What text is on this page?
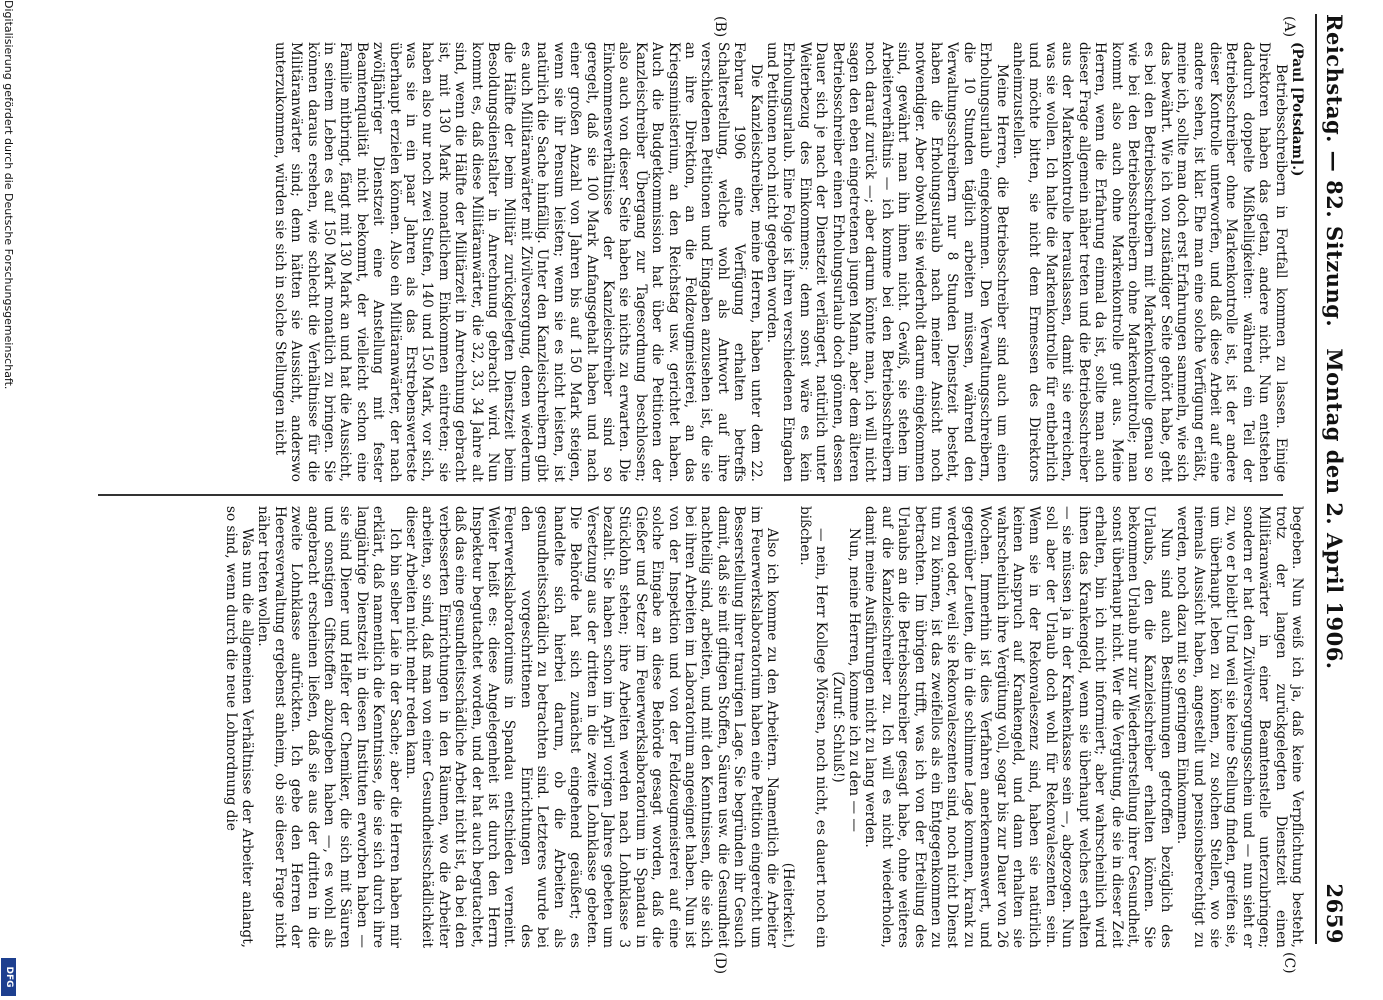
Reichstag. — 82. Sitzung.
Montag den 2. April 1906.
2659
(A)
(B)
(C)
(D)

(Paul [Potsdam].)

Betriebsschreibern in Fortfall kommen zu lassen. Einige Direktoren haben das getan, andere nicht. Nun entstehen dadurch doppelte Mißhelligkeiten: während ein Teil der Betriebsschreiber ohne Markenkontrolle ist, ist der andere dieser Kontrolle unterworfen, und daß diese Arbeit auf eine andere sehen, ist klar. Ehe man eine solche Verfügung erläßt, meine ich, sollte man doch erst Erfahrungen sammeln, wie sich das bewährt. Wie ich von zuständiger Seite gehört habe, geht es bei den Betriebsschreibern mit Markenkontrolle genau so wie bei den Betriebsschreibern ohne Markenkontrolle; man kommt also auch ohne Markenkontrolle gut aus. Meine Herren, wenn die Erfahrung einmal da ist, sollte man auch dieser Frage allgemein näher treten und die Betriebsschreiber aus der Markenkontrolle herauslassen, damit sie erreichen, was sie wollen. Ich halte die Markenkontrolle für entbehrlich und möchte bitten, sie nicht dem Ermessen des Direktors anheimzustellen.

Meine Herren, die Betriebsschreiber sind auch um einen Erholungsurlaub eingekommen. Den Verwaltungsschreibern, die 10 Stunden täglich arbeiten müssen, während den Verwaltungsschreibern nur 8 Stunden Dienstzeit besteht, haben die Erholungsurlaub nach meiner Ansicht noch notwendiger. Aber obwohl sie wiederholt darum eingekommen sind, gewährt man ihn ihnen nicht. Gewiß, sie stehen im Arbeiterverhältnis — ich komme bei den Betriebsschreibern noch darauf zurück —; aber darum könnte man, ich will nicht sagen den eben eingetretenen jungen Mann, aber dem älteren Betriebsschreiber einen Erholungsurlaub doch gönnen, dessen Dauer sich je nach der Dienstzeit verlängert, natürlich unter Weiterbezug des Einkommens; denn sonst wäre es kein Erholungsurlaub. Eine Folge ist ihren verschiedenen Eingaben und Petitionen noch nicht gegeben worden.

Die Kanzleischreiber, meine Herren, haben unter dem 22. Februar 1906 eine Verfügung erhalten betreffs Schalterstellung, welche wohl als Antwort auf ihre verschiedenen Petitionen und Eingaben anzusehen ist, die sie an ihre Direktion, an die Feldzeugmeisterei, an das Kriegsministerium, an den Reichstag usw. gerichtet haben. Auch die Budgetkommission hat über die Petitionen der Kanzleischreiber Übergang zur Tagesordnung beschlossen; also auch von dieser Seite haben sie nichts zu erwarten. Die Einkommensverhältnisse der Kanzleischreiber sind so geregelt, daß sie 100 Mark Anfangsgehalt haben und nach einer großen Anzahl von Jahren bis auf 150 Mark steigen, wenn sie ihr Pensum leisten; wenn sie es nicht leisten, ist natürlich die Sache hinfällig. Unter den Kanzleischreibern gibt es auch Militäranwärter mit Zivilversorgung, denen wiederum die Hälfte der beim Militär zurückgelegten Dienstzeit beim Besoldungsdienstalter in Anrechnung gebracht wird. Nun kommt es, daß diese Militäranwärter, die 32, 33, 34 Jahre alt sind, wenn die Hälfte der Militärzeit in Anrechnung gebracht ist, mit 130 Mark monatlichem Einkommen eintreten; sie haben also nur noch zwei Stufen, 140 und 150 Mark, vor sich, was sie in ein paar Jahren als das Erstrebenswerteste überhaupt erzielen können. Also ein Militäranwärter, der nach zwölfjähriger Dienstzeit eine Anstellung mit fester Beamtenqualität nicht bekommt, der vielleicht schon eine Familie mitbringt, fängt mit 130 Mark an und hat die Aussicht, in seinem Leben es auf 150 Mark monatlich zu bringen. Sie können daraus ersehen, wie schlecht die Verhältnisse für die Militäranwärter sind; denn hätten sie Aussicht, anderswo unterzukommen, würden sie sich in solche Stellungen nicht

begeben. Nun weiß ich ja, daß keine Verpflichtung besteht, trotz der langen zurückgelegten Dienstzeit einen Militäranwärter in einer Beamtenstelle unterzubringen; sondern er hat den Zivilversorgungsschein und — nun sieht er zu, wo er bleibt! Und weil sie keine Stellung finden, greifen sie, um überhaupt leben zu können, zu solchen Stellen, wo sie niemals Aussicht haben, angestellt und pensionsberechtigt zu werden, noch dazu mit so geringem Einkommen.

Nun sind auch Bestimmungen getroffen bezüglich des Urlaubs, den die Kanzleischreiber erhalten können. Sie bekommen Urlaub nur zur Wiederherstellung ihrer Gesundheit, sonst überhaupt nicht. Wer die Vergütung, die sie in dieser Zeit erhalten, bin ich nicht informiert; aber wahrscheinlich wird ihnen das Krankengeld, wenn sie überhaupt welches erhalten — sie müssen ja in der Krankenkasse sein —, abgezogen. Nun soll aber der Urlaub doch wohl für Rekonvaleszenten sein. Wenn sie in der Rekonvaleszenz sind, haben sie natürlich keinen Anspruch auf Krankengeld, und dann erhalten sie wahrscheinlich ihre Vergütung voll, sogar bis zur Dauer von 26 Wochen. Immerhin ist dies Verfahren anerkennenswert, und gegenüber Leuten, die in die schlimme Lage kommen, krank zu werden oder, weil sie Rekonvaleszenten sind, noch nicht Dienst tun zu können, ist das zweifellos als ein Entgegenkommen zu betrachten. Im übrigen trifft, was ich von der Erteilung des Urlaubs an die Betriebsschreiber gesagt habe, ohne weiteres auf die Kanzleischreiber zu. Ich will es nicht wiederholen, damit meine Ausführungen nicht zu lang werden.

Nun, meine Herren, komme ich zu den — —

(Zuruf: Schluß!)

— nein, Herr Kollege Mörsen, noch nicht, es dauert noch ein bißchen.

(Heiterkeit.)

Also ich komme zu den Arbeitern. Namentlich die Arbeiter im Feuerwerkslaboratorium haben eine Petition eingereicht um Besserstellung ihrer traurigen Lage. Sie begründen ihr Gesuch damit, daß sie mit giftigen Stoffen, Säuren usw. die Gesundheit nachteilig sind, arbeiten, und mit den Kenntnissen, die sie sich bei ihren Arbeiten im Laboratorium angeeignet haben. Nun ist von der Inspektion und von der Feldzeugmeisterei auf eine solche Eingabe an diese Behörde gesagt worden, daß die Gießer und Setzer im Feuerwerkslaboratorium in Spandau in Stücklohn stehen; ihre Arbeiten werden nach Lohnklasse 3 bezahlt. Sie haben schon im April vorigen Jahres gebeten um Versetzung aus der dritten in die zweite Lohnklasse gebeten. Die Behörde hat sich zunächst eingehend geäußert; es handelte sich hierbei darum, ob die Arbeiten als gesundheitsschädlich zu betrachten sind. Letzteres wurde bei den vorgeschrittenen Einrichtungen des Feuerwerkslaboratoriums in Spandau entschieden verneint. Weiter heißt es: diese Angelegenheit ist durch den Herrn Inspekteur begutachtet worden, und der hat auch begutachtet, daß das eine gesundheitsschädliche Arbeit nicht ist, da bei den verbesserten Einrichtungen in den Räumen, wo die Arbeiter arbeiten, so sind, daß man von einer Gesundheitsschädlichkeit dieser Arbeiten nicht mehr reden kann.

Ich bin selber Laie in der Sache; aber die Herren haben mir erklärt, daß namentlich die Kenntnisse, die sie sich durch ihre langjährige Dienstzeit in diesen Instituten erworben haben — sie sind Diener und Helfer der Chemiker, die sich mit Säuren und sonstigen Giftstoffen abzugeben haben —, es wohl als angebracht erscheinen ließen, daß sie aus der dritten in die zweite Lohnklasse aufrückten. Ich gebe den Herren der Heeresverwaltung ergebenst anheim, ob sie dieser Frage nicht näher treten wollen.

Was nun die allgemeinen Verhältnisse der Arbeiter anlangt, so sind, wenn durch die neue Lohnordnung die

Digitalisierung gefördert durch die Deutsche Forschungsgemeinschaft.
DFG
